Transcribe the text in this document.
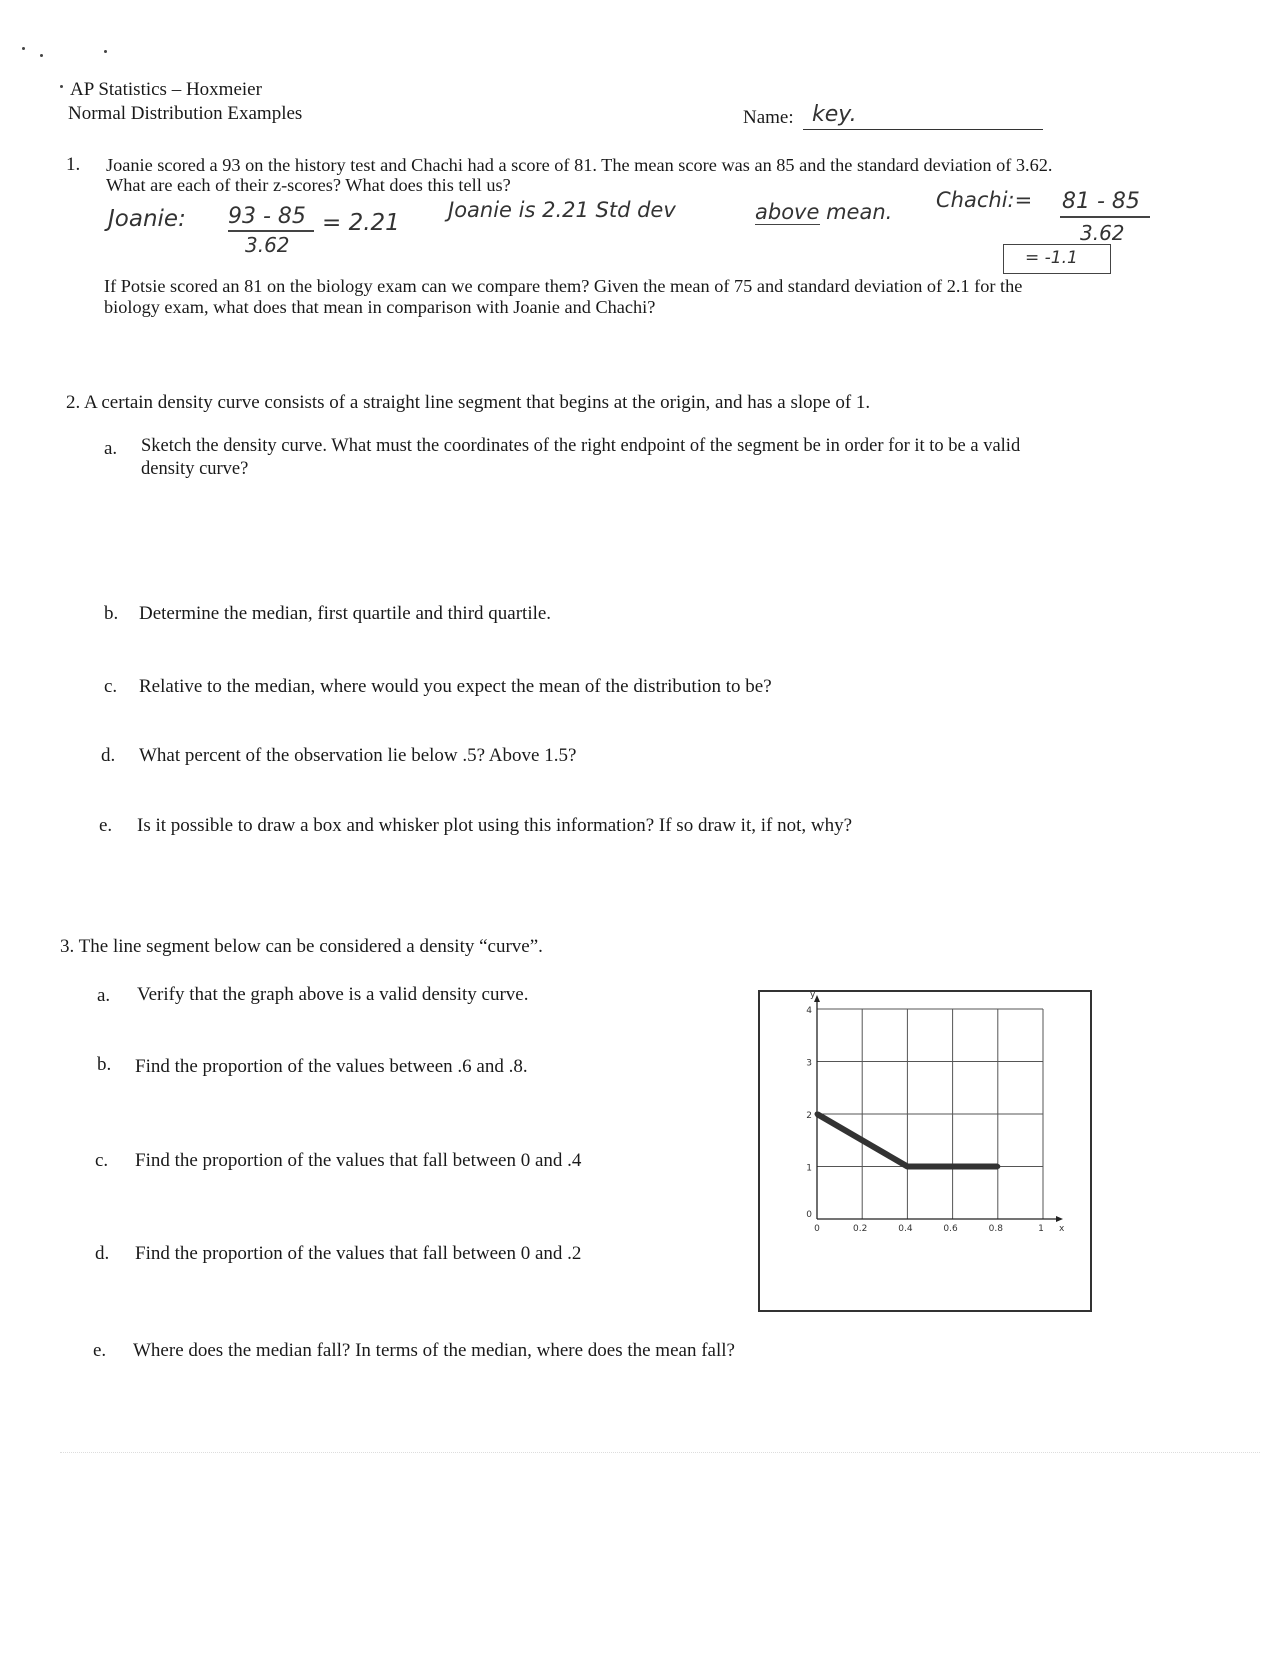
AP Statistics – Hoxmeier
Normal Distribution Examples	Name: key.
1. Joanie scored a 93 on the history test and Chachi had a score of 81. The mean score was an 85 and the standard deviation of 3.62.
What are each of their z-scores? What does this tell us?
Joanie: 93 - 85
3.62
= 2.21 Joanie is 2.21 Std dev	above mean. Chachi:= 81 - 85
3.62
= -1.1
If Potsie scored an 81 on the biology exam can we compare them? Given the mean of 75 and standard deviation of 2.1 for the
biology exam, what does that mean in comparison with Joanie and Chachi?
2. A certain density curve consists of a straight line segment that begins at the origin, and has a slope of 1.
a. Sketch the density curve. What must the coordinates of the right endpoint of the segment be in order for it to be a valid
density curve?
b. Determine the median, first quartile and third quartile.
c. Relative to the median, where would you expect the mean of the distribution to be?
d. What percent of the observation lie below .5? Above 1.5?
e. Is it possible to draw a box and whisker plot using this information? If so draw it, if not, why?
3. The line segment below can be considered a density “curve”.
a. Verify that the graph above is a valid density curve.
b. Find the proportion of the values between .6 and .8.
c. Find the proportion of the values that fall between 0 and .4
d. Find the proportion of the values that fall between 0 and .2
e. Where does the median fall? In terms of the median, where does the mean fall?
0	0.2	0.4	0.6	0.8	1
0
1
2
3
4
x
y
